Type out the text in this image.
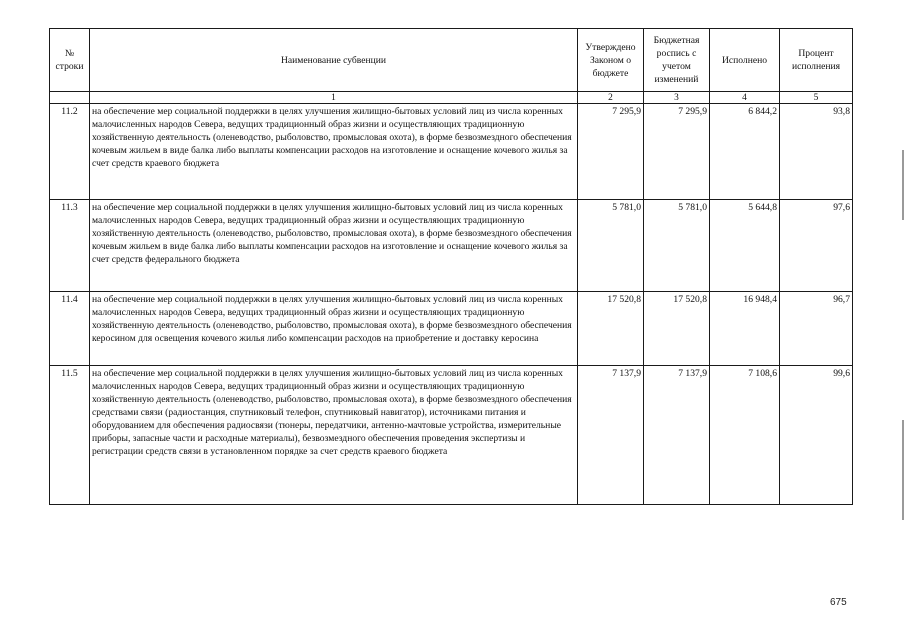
№ строки	Наименование субвенции	Утверждено Законом о бюджете	Бюджетная роспись с учетом изменений	Исполнено	Процент исполнения
	1	2	3	4	5
11.2	на обеспечение мер социальной поддержки в целях улучшения жилищно-бытовых условий лиц из числа коренных малочисленных народов Севера, ведущих традиционный образ жизни и осуществляющих традиционную хозяйственную деятельность (оленеводство, рыболовство, промысловая охота), в форме безвозмездного обеспечения кочевым жильем в виде балка либо выплаты компенсации расходов на изготовление и оснащение кочевого жилья за счет средств краевого бюджета	7 295,9	7 295,9	6 844,2	93,8
11.3	на обеспечение мер социальной поддержки в целях улучшения жилищно-бытовых условий лиц из числа коренных малочисленных народов Севера, ведущих традиционный образ жизни и осуществляющих традиционную хозяйственную деятельность (оленеводство, рыболовство, промысловая охота), в форме безвозмездного обеспечения кочевым жильем в виде балка либо выплаты компенсации расходов на изготовление и оснащение кочевого жилья за счет средств федерального бюджета	5 781,0	5 781,0	5 644,8	97,6
11.4	на обеспечение мер социальной поддержки в целях улучшения жилищно-бытовых условий лиц из числа коренных малочисленных народов Севера, ведущих традиционный образ жизни и осуществляющих традиционную хозяйственную деятельность (оленеводство, рыболовство, промысловая охота), в форме безвозмездного обеспечения керосином для освещения кочевого жилья либо компенсации расходов на приобретение и доставку керосина	17 520,8	17 520,8	16 948,4	96,7
11.5	на обеспечение мер социальной поддержки в целях улучшения жилищно-бытовых условий лиц из числа коренных малочисленных народов Севера, ведущих традиционный образ жизни и осуществляющих традиционную хозяйственную деятельность (оленеводство, рыболовство, промысловая охота), в форме безвозмездного обеспечения средствами связи (радиостанция, спутниковый телефон, спутниковый навигатор), источниками питания и оборудованием для обеспечения радиосвязи (тюнеры, передатчики, антенно-мачтовые устройства, измерительные приборы, запасные части и расходные материалы), безвозмездного обеспечения проведения экспертизы и регистрации средств связи в установленном порядке за счет средств краевого бюджета	7 137,9	7 137,9	7 108,6	99,6
675
